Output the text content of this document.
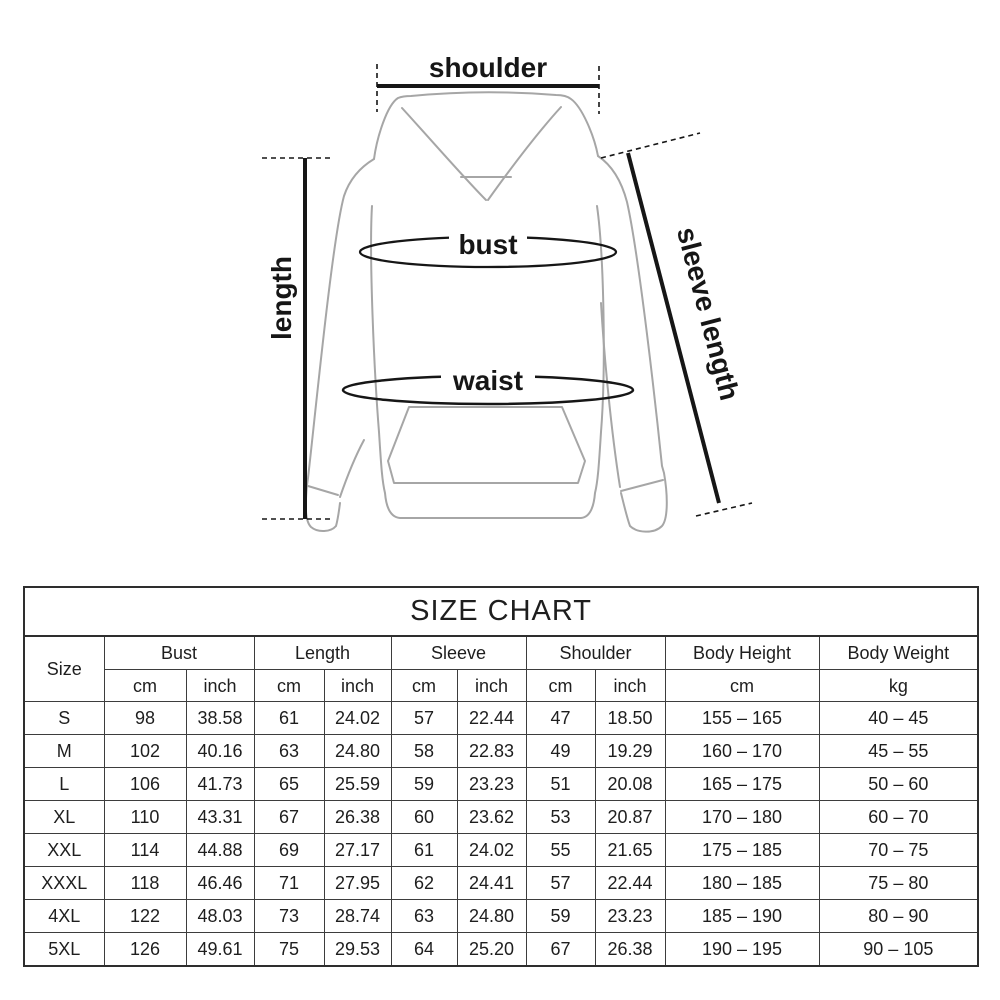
shoulder
length	sleeve length
bust
waist
SIZE CHART										
Size	Bust		Length		Sleeve		Shoulder		Body Height	Body Weight
	cm	inch	cm	inch	cm	inch	cm	inch	cm	kg
S	98	38.58	61	24.02	57	22.44	47	18.50	155 – 165	40 – 45
M	102	40.16	63	24.80	58	22.83	49	19.29	160 – 170	45 – 55
L	106	41.73	65	25.59	59	23.23	51	20.08	165 – 175	50 – 60
XL	110	43.31	67	26.38	60	23.62	53	20.87	170 – 180	60 – 70
XXL	114	44.88	69	27.17	61	24.02	55	21.65	175 – 185	70 – 75
XXXL	118	46.46	71	27.95	62	24.41	57	22.44	180 – 185	75 – 80
4XL	122	48.03	73	28.74	63	24.80	59	23.23	185 – 190	80 – 90
5XL	126	49.61	75	29.53	64	25.20	67	26.38	190 – 195	90 – 105
